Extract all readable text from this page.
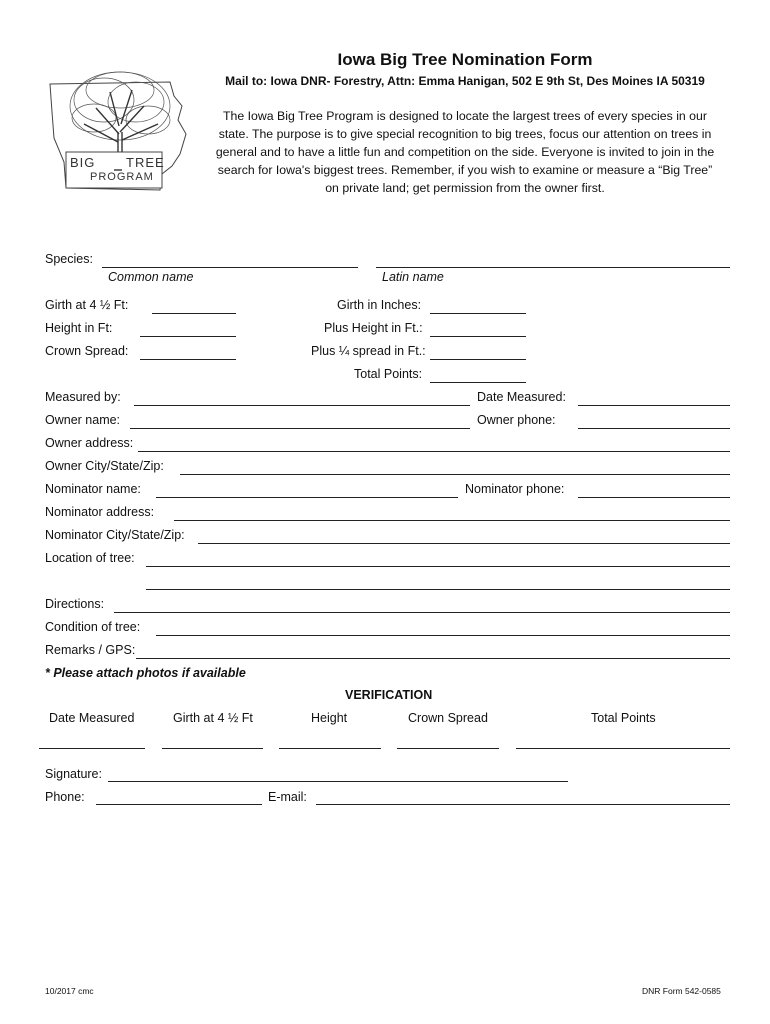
BIG TREE
PROGRAM
Iowa Big Tree Nomination Form
Mail to: Iowa DNR- Forestry, Attn: Emma Hanigan, 502 E 9th St, Des Moines IA 50319
The Iowa Big Tree Program is designed to locate the largest trees of every species in our
state. The purpose is to give special recognition to big trees, focus our attention on trees in
general and to have a little fun and competition on the side. Everyone is invited to join in the
search for Iowa's biggest trees. Remember, if you wish to examine or measure a “Big Tree”
on private land; get permission from the owner first.
Species:
Common name	Latin name
Girth at 4 ½ Ft:	Girth in Inches:
Height in Ft:	Plus Height in Ft.:
Crown Spread:	Plus ¼ spread in Ft.:
Total Points:
Measured by:	Date Measured:
Owner name:	Owner phone:
Owner address:
Owner City/State/Zip:
Nominator name:	Nominator phone:
Nominator address:
Nominator City/State/Zip:
Location of tree:
Directions:
Condition of tree:
Remarks / GPS:
* Please attach photos if available
VERIFICATION
Date Measured	Girth at 4 ½ Ft	Height	Crown Spread	Total Points
Signature:
Phone:	E-mail:
10/2017 cmc	DNR Form 542-0585
